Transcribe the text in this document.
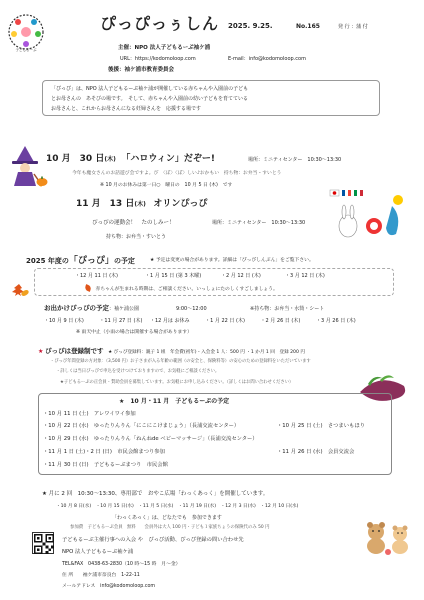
子どもるーぷ
ぴっぴっぅしん 2025. 9.25.	No.165	発 行 ：蒲 付
主催：NPO 法人子どもるーぷ袖ケ浦
URL：https://kodomoloop.com	E-mail：info@kodomoloop.com
後援：袖ケ浦市教育委員会
「ぴっぴ」は、NPO 法人子どもるーぷ袖ケ浦が開催している赤ちゃんや入園前の子ども
とお母さんの　あそびの場です。　そして、赤ちゃんや入園前の幼い子どもを育てている
お母さんと、これからお母さんになる妊婦さんを　応援する場です
10 月　30 日(木) 「ハロウィン」だぞー!	場所：ミニティセンター　10:30～13:30
今年も魔女さんのお話遊び会ですよ。ぴ　〈ぼ〉〈ぼ〉しい♪おかもい　持ち物：お弁当・すいとう
※ 10 月のお休みは第一日○　曜日の　10 月 5 日 (木)　です
11 月　13 日(木) オリンぴっぴ
ぴっぴの運動会！　たのしみー！	場所：ミニティセンター　10:30～13:30
持ち物：お弁当・すいとう
2025 年度の「ぴっぴ」の予定	★ 予定は変更の場合があります。詳細は「ぴっぴしんぶん」をご覧下さい。
・12 月 11 日 (木)	・1 月 15 日 (第 3 木曜)	・2 月 12 日 (木)	・3 月 12 日 (木)
赤ちゃんが生まれる時期は、ご相談ください。いっしょにたのしくすごしましょう。
お出かけぴっぴの予定：袖ケ浦公園	9:00～12:00	※持ち物：お弁当・水筒・シート
・10 月 9 日 (木)	・11 月 27 日 (木) ・12 月は お休み	・1 月 22 日 (木)	・2 月 26 日 (木)	・3 月 26 日 (木)
※ 雨天中止（小雨の場合は開催する場合があります）
★ ぴっぴは登録制です ★ ぴっぴ登録料：親子 1 組　年会費(初年)・入会金 1 人：500 円 ・1 か月 1 回　登録 200 円
・ぴっぴ年間登録の方対象：（3,500 円）お子さまが入る年齢の範囲（の安全と、保険料等）の安心のための登録料をいただいています
・詳しくは当日ぴっぴで申込を受けつけておりますので、お気軽にご相談ください。
★子どもるーぷの正会員・賛助会員を募集しています。お気軽にお申し込みください。（詳しくはお問い合わせください）
★　10 月・11 月　子どもるーぷの予定
・10 月 11 日 (土)　アレワイワイ参加
・10 月 22 日 (水)　ゆったりんりん「にこにこけまじょう」（長浦交流センター）	・10 月 25 日 (土)　さつまいもほり
・10 月 29 日 (水)　ゆったりんりん「ねんねde ベビーマッサージ」（長浦交流センター）
・11 月 1 日 (土)・2 日 (日)　市民会館まつり参加	・11 月 26 日 (水)　会員交流会
・11 月 30 日 (日)　子どもるーぷまつり　市民会館
★ 月に 2 回　10:30～13:30、専用部で　おやこ広場「わっくあっく」を開催しています。
・10 月 8 日(水)　・10 月 15 日(水)　・11 月 5 日(水)　・11 月 19 日(水)　・12 月 3 日(水)　・12 月 10 日(水)
「わっくあっく」は、どなたでも　参加できます
参加費　子どもるーぷ会員　無料　　会員外は大人 100 円・子ども１家族ちょうの保険代のみ 50 円
子どもるーぷ主催行事への入会 や　ぴっぴ活動、ぴっぴ登録の問い合わせ先
NPO 法人子どもるーぷ袖ケ浦
TEL&FAX　0438-63-2830（10 時～15 時　月～金）
住 所　　袖ケ浦市奈良台　1-22-11
メールアドレス　info@kodomoloop.com
